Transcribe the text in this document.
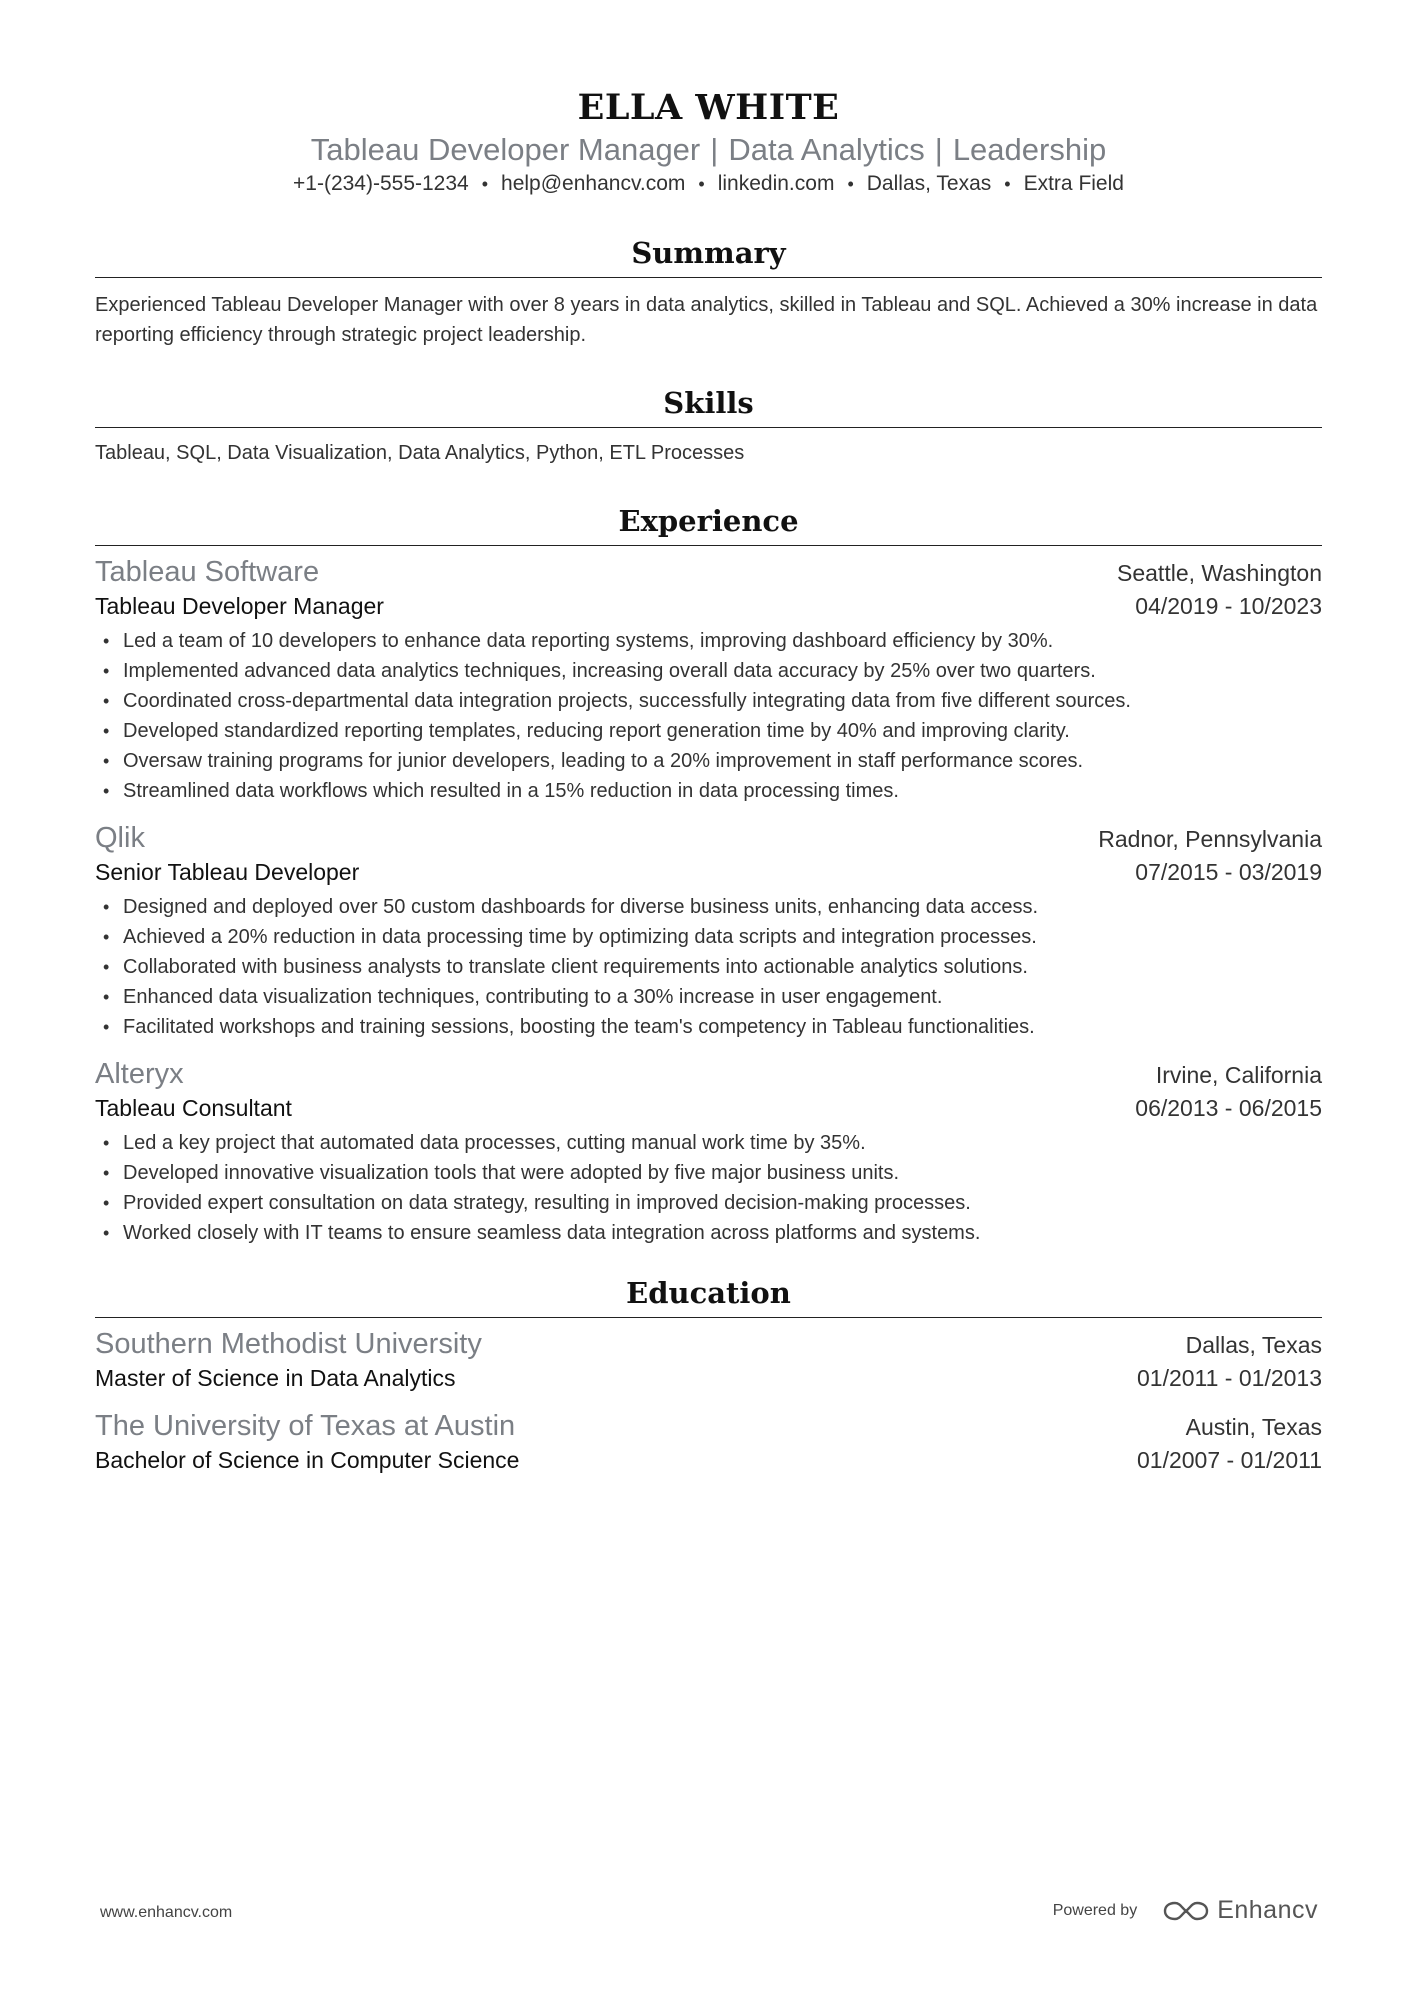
ELLA WHITE
Tableau Developer Manager | Data Analytics | Leadership
+1-(234)-555-1234 • help@enhancv.com • linkedin.com • Dallas, Texas • Extra Field
Summary
Experienced Tableau Developer Manager with over 8 years in data analytics, skilled in Tableau and SQL. Achieved a 30% increase in data reporting efficiency through strategic project leadership.
Skills
Tableau, SQL, Data Visualization, Data Analytics, Python, ETL Processes
Experience
Tableau Software	Seattle, Washington
Tableau Developer Manager	04/2019 - 10/2023
• Led a team of 10 developers to enhance data reporting systems, improving dashboard efficiency by 30%.
• Implemented advanced data analytics techniques, increasing overall data accuracy by 25% over two quarters.
• Coordinated cross-departmental data integration projects, successfully integrating data from five different sources.
• Developed standardized reporting templates, reducing report generation time by 40% and improving clarity.
• Oversaw training programs for junior developers, leading to a 20% improvement in staff performance scores.
• Streamlined data workflows which resulted in a 15% reduction in data processing times.
Qlik	Radnor, Pennsylvania
Senior Tableau Developer	07/2015 - 03/2019
• Designed and deployed over 50 custom dashboards for diverse business units, enhancing data access.
• Achieved a 20% reduction in data processing time by optimizing data scripts and integration processes.
• Collaborated with business analysts to translate client requirements into actionable analytics solutions.
• Enhanced data visualization techniques, contributing to a 30% increase in user engagement.
• Facilitated workshops and training sessions, boosting the team's competency in Tableau functionalities.
Alteryx	Irvine, California
Tableau Consultant	06/2013 - 06/2015
• Led a key project that automated data processes, cutting manual work time by 35%.
• Developed innovative visualization tools that were adopted by five major business units.
• Provided expert consultation on data strategy, resulting in improved decision-making processes.
• Worked closely with IT teams to ensure seamless data integration across platforms and systems.
Education
Southern Methodist University	Dallas, Texas
Master of Science in Data Analytics	01/2011 - 01/2013
The University of Texas at Austin	Austin, Texas
Bachelor of Science in Computer Science	01/2007 - 01/2011
www.enhancv.com	Powered by	Enhancv
